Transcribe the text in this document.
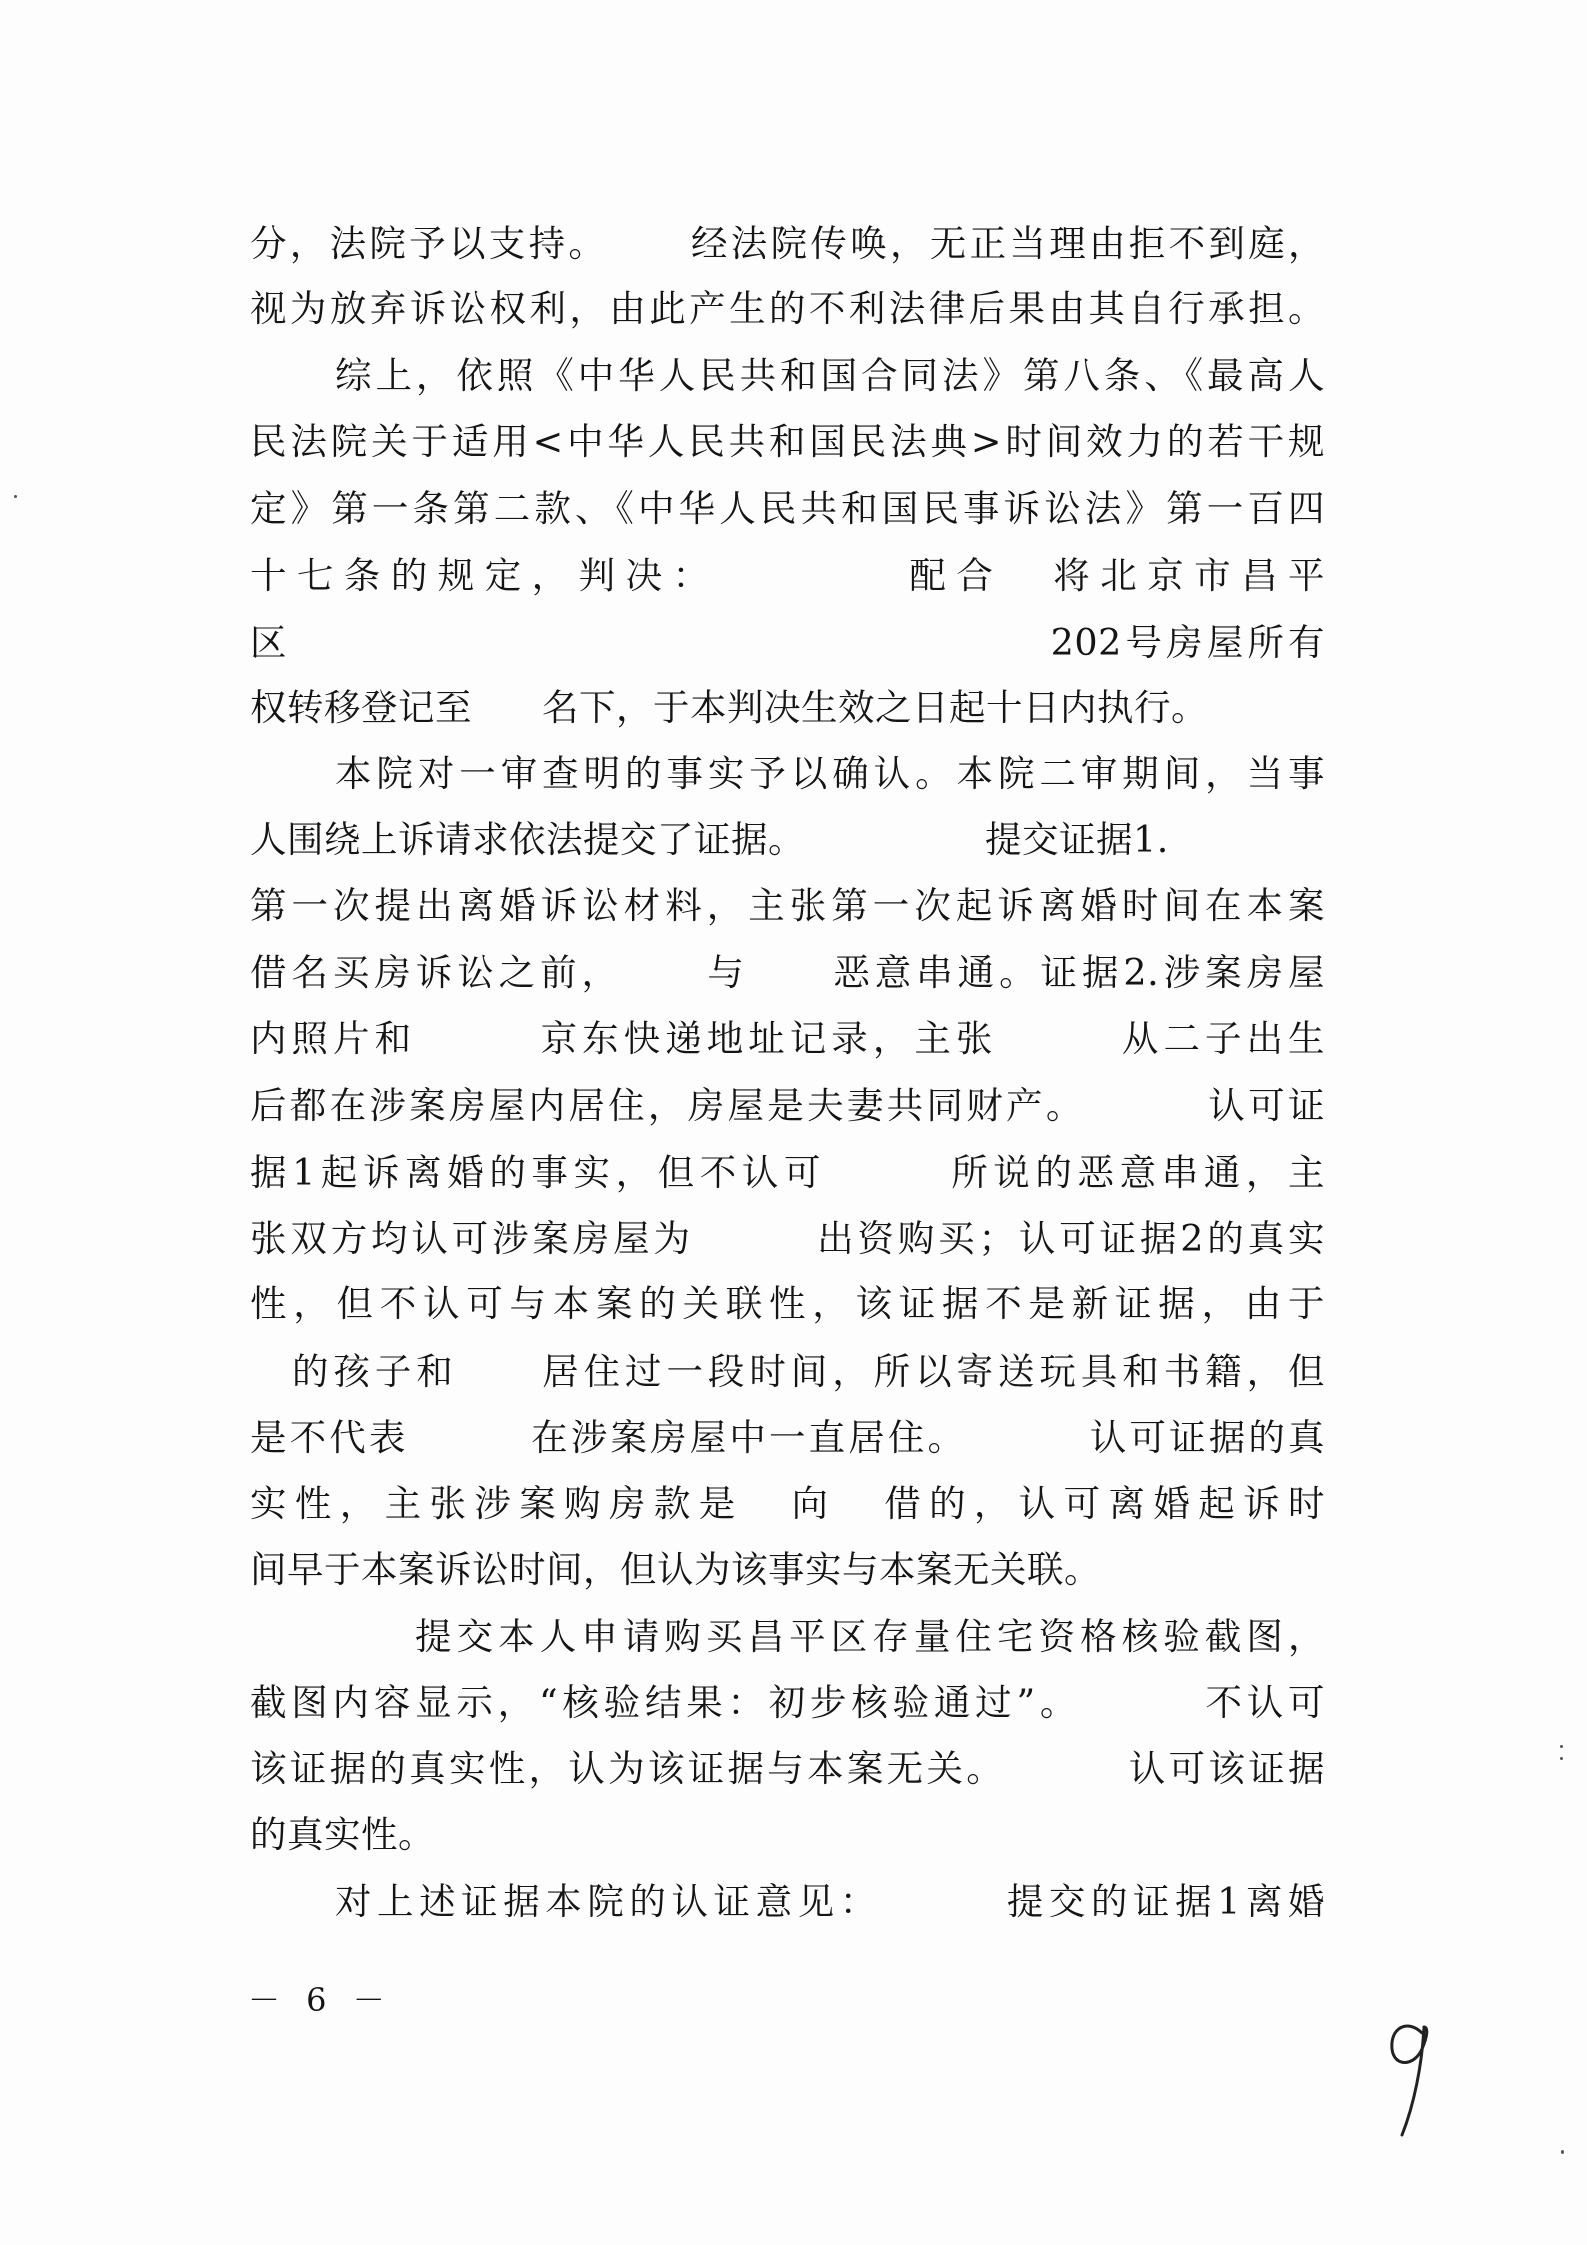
分，法院予以支持。 经法院传唤，无正当理由拒不到庭，
视为放弃诉讼权利，由此产生的不利法律后果由其自行承担。
综上，依照《中华人民共和国合同法》第八条、《最高人
民法院关于适用<中华人民共和国民法典>时间效力的若干规
定》第一条第二款、《中华人民共和国民事诉讼法》第一百四
十七条的规定，判决：	配合 将北京市昌平
区	202号房屋所有
权转移登记至 名下，于本判决生效之日起十日内执行。
本院对一审查明的事实予以确认。本院二审期间，当事
人围绕上诉请求依法提交了证据。	提交证据1.
第一次提出离婚诉讼材料，主张第一次起诉离婚时间在本案
借名买房诉讼之前， 与 恶意串通。证据2.涉案房屋
内照片和	京东快递地址记录，主张	从二子出生
后都在涉案房屋内居住，房屋是夫妻共同财产。	认可证
据1起诉离婚的事实，但不认可	所说的恶意串通，主
张双方均认可涉案房屋为	出资购买；认可证据2的真实
性，但不认可与本案的关联性，该证据不是新证据，由于
的孩子和 居住过一段时间，所以寄送玩具和书籍，但
是不代表	在涉案房屋中一直居住。	认可证据的真
实性，主张涉案购房款是 向 借的，认可离婚起诉时
间早于本案诉讼时间，但认为该事实与本案无关联。
提交本人申请购买昌平区存量住宅资格核验截图，
截图内容显示，“核验结果：初步核验通过”。	不认可
该证据的真实性，认为该证据与本案无关。	认可该证据
的真实性。
对上述证据本院的认证意见：	提交的证据1离婚
－ 6 －
